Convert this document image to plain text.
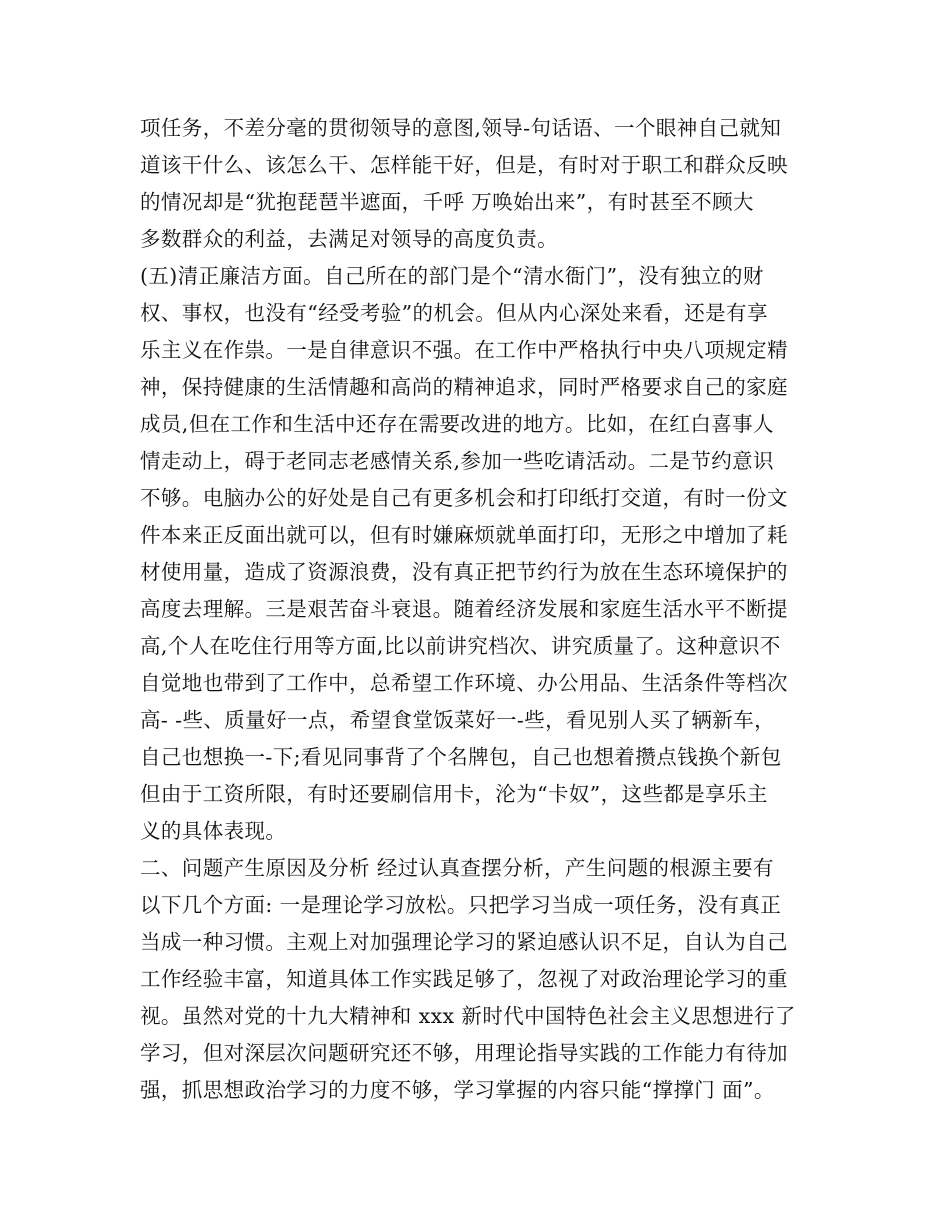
项任务，不差分毫的贯彻领导的意图,领导-句话语、一个眼神自己就知
道该干什么、该怎么干、怎样能干好，但是，有时对于职工和群众反映
的情况却是“犹抱琵琶半遮面，千呼 万唤始出来”，有时甚至不顾大
多数群众的利益，去满足对领导的高度负责。
(五)清正廉洁方面。自己所在的部门是个“清水衙门”，没有独立的财
权、事权，也没有“经受考验”的机会。但从内心深处来看，还是有享
乐主义在作祟。一是自律意识不强。在工作中严格执行中央八项规定精
神，保持健康的生活情趣和高尚的精神追求，同时严格要求自己的家庭
成员,但在工作和生活中还存在需要改进的地方。比如，在红白喜事人
情走动上，碍于老同志老感情关系,参加一些吃请活动。二是节约意识
不够。电脑办公的好处是自己有更多机会和打印纸打交道，有时一份文
件本来正反面出就可以，但有时嫌麻烦就单面打印，无形之中增加了耗
材使用量，造成了资源浪费，没有真正把节约行为放在生态环境保护的
高度去理解。三是艰苦奋斗衰退。随着经济发展和家庭生活水平不断提
高,个人在吃住行用等方面,比以前讲究档次、讲究质量了。这种意识不
自觉地也带到了工作中，总希望工作环境、办公用品、生活条件等档次
高- -些、质量好一点，希望食堂饭菜好一-些，看见别人买了辆新车，
自己也想换一-下;看见同事背了个名牌包，自己也想着攒点钱换个新包
但由于工资所限，有时还要刷信用卡，沦为“卡奴”，这些都是享乐主
义的具体表现。
二、问题产生原因及分析 经过认真查摆分析，产生问题的根源主要有
以下几个方面: 一是理论学习放松。只把学习当成一项任务，没有真正
当成一种习惯。主观上对加强理论学习的紧迫感认识不足，自认为自己
工作经验丰富，知道具体工作实践足够了，忽视了对政治理论学习的重
视。虽然对党的十九大精神和 xxx 新时代中国特色社会主义思想进行了
学习，但对深层次问题研究还不够，用理论指导实践的工作能力有待加
强，抓思想政治学习的力度不够，学习掌握的内容只能“撑撑门 面”。
